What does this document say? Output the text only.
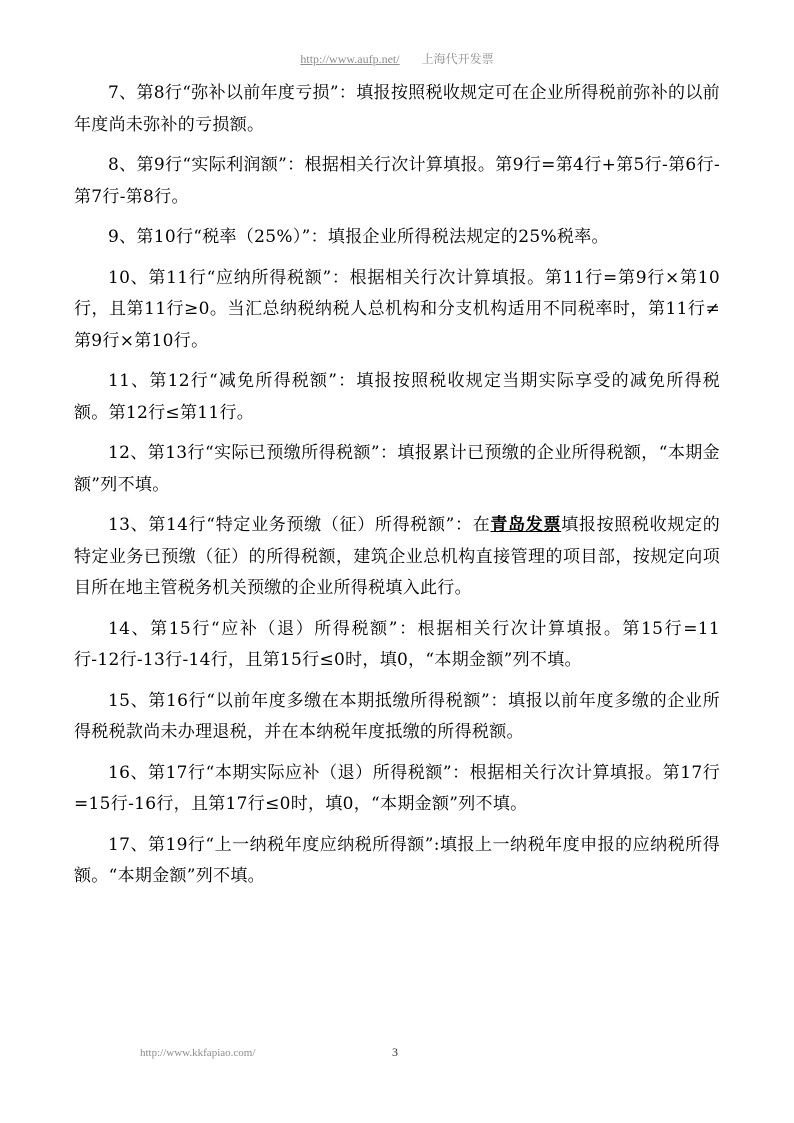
http://www.aufp.net/ 上海代开发票

7、第8行“弥补以前年度亏损”：填报按照税收规定可在企业所得税前弥补的以前年度尚未弥补的亏损额。

8、第9行“实际利润额”：根据相关行次计算填报。第9行=第4行+第5行-第6行-第7行-第8行。

9、第10行“税率（25%）”：填报企业所得税法规定的25%税率。

10、第11行“应纳所得税额”：根据相关行次计算填报。第11行=第9行×第10行，且第11行≥0。当汇总纳税纳税人总机构和分支机构适用不同税率时，第11行≠第9行×第10行。

11、第12行“减免所得税额”：填报按照税收规定当期实际享受的减免所得税额。第12行≤第11行。

12、第13行“实际已预缴所得税额”：填报累计已预缴的企业所得税额，“本期金额”列不填。

13、第14行“特定业务预缴（征）所得税额”：在青岛发票填报按照税收规定的特定业务已预缴（征）的所得税额，建筑企业总机构直接管理的项目部，按规定向项目所在地主管税务机关预缴的企业所得税填入此行。

14、第15行“应补（退）所得税额”：根据相关行次计算填报。第15行=11行-12行-13行-14行，且第15行≤0时，填0，“本期金额”列不填。

15、第16行“以前年度多缴在本期抵缴所得税额”：填报以前年度多缴的企业所得税税款尚未办理退税，并在本纳税年度抵缴的所得税额。

16、第17行“本期实际应补（退）所得税额”：根据相关行次计算填报。第17行=15行-16行，且第17行≤0时，填0，“本期金额”列不填。

17、第19行“上一纳税年度应纳税所得额”:填报上一纳税年度申报的应纳税所得额。“本期金额”列不填。

http://www.kkfapiao.com/	3
